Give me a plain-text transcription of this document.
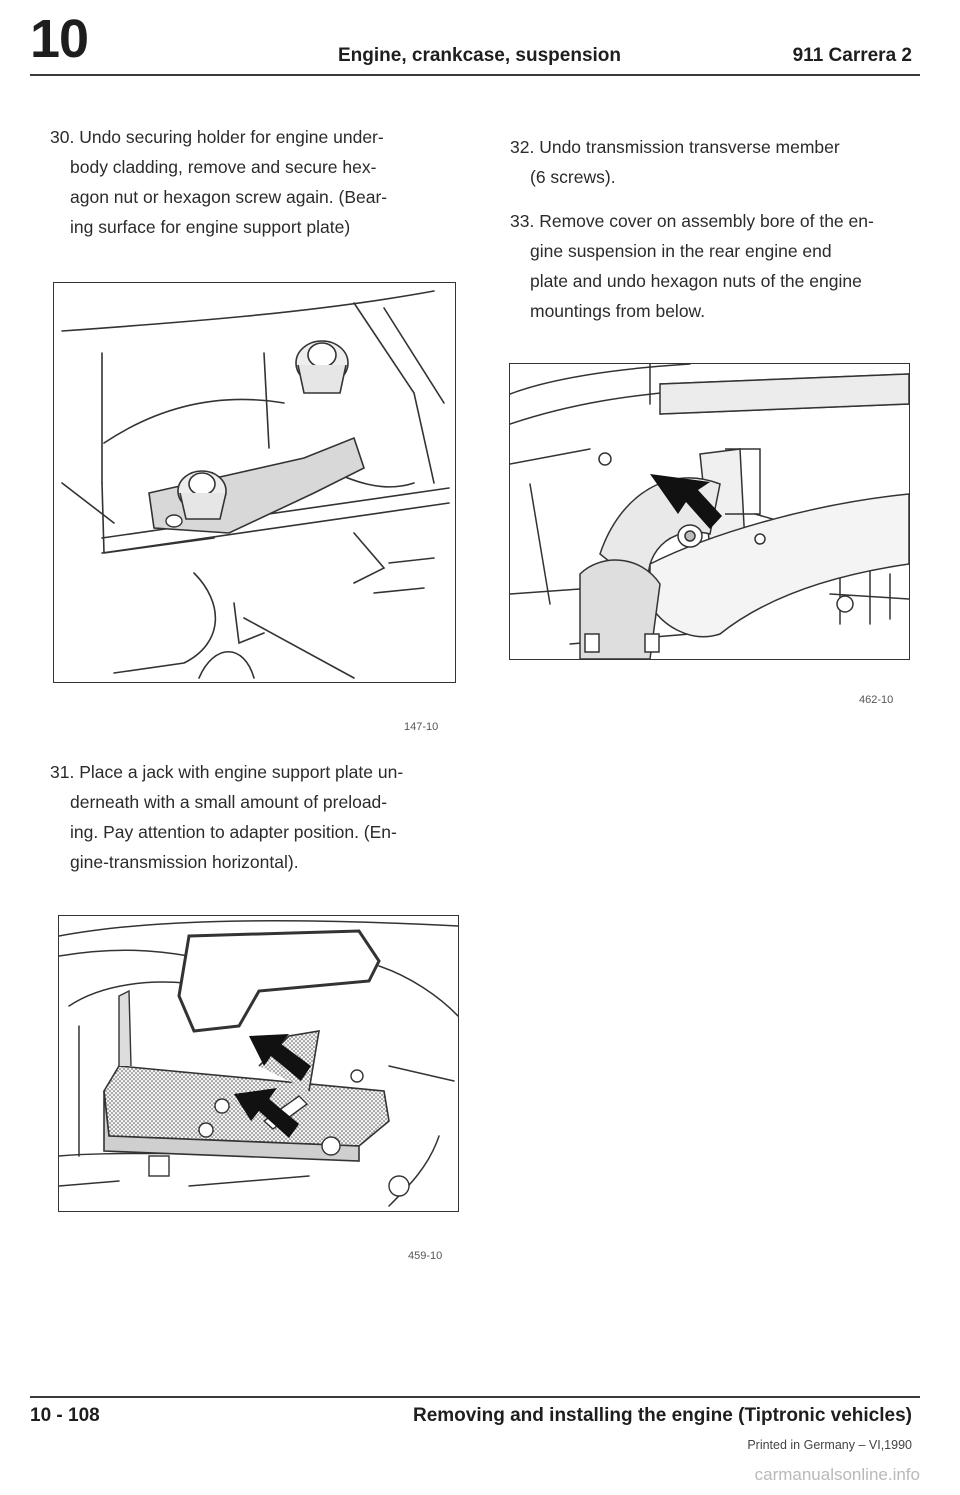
10	Engine, crankcase, suspension	911 Carrera 2
30. Undo securing holder for engine under-
body cladding, remove and secure hex-
agon nut or hexagon screw again. (Bear-
ing surface for engine support plate)
147-10
31. Place a jack with engine support plate un-
derneath with a small amount of preload-
ing. Pay attention to adapter position. (En-
gine-transmission horizontal).
459-10
32. Undo transmission transverse member
(6 screws).
33. Remove cover on assembly bore of the en-
gine suspension in the rear engine end
plate and undo hexagon nuts of the engine
mountings from below.
462-10
10 - 108	Removing and installing the engine (Tiptronic vehicles)
Printed in Germany – VI,1990
carmanualsonline.info
